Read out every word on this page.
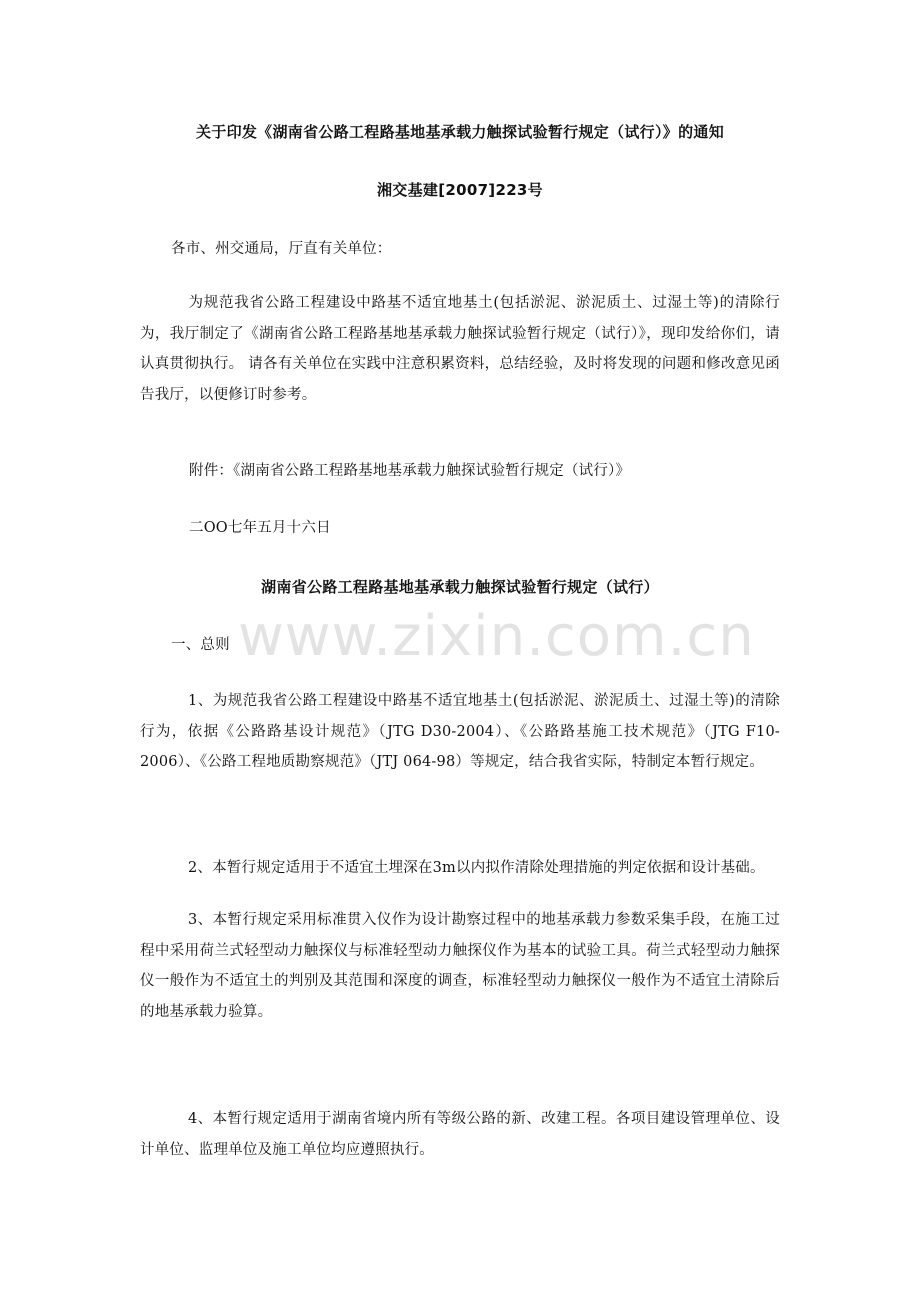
关于印发《湖南省公路工程路基地基承载力触探试验暂行规定（试行）》的通知
湘交基建[2007]223号
各市、州交通局，厅直有关单位：
为规范我省公路工程建设中路基不适宜地基土(包括淤泥、淤泥质土、过湿土等)的清除行为，我厅制定了《湖南省公路工程路基地基承载力触探试验暂行规定（试行）》，现印发给你们，请认真贯彻执行。 请各有关单位在实践中注意积累资料，总结经验，及时将发现的问题和修改意见函告我厅，以便修订时参考。
附件：《湖南省公路工程路基地基承载力触探试验暂行规定（试行）》
二OO七年五月十六日
湖南省公路工程路基地基承载力触探试验暂行规定（试行）
一、总则
1、为规范我省公路工程建设中路基不适宜地基土(包括淤泥、淤泥质土、过湿土等)的清除行为，依据《公路路基设计规范》（JTG D30-2004）、《公路路基施工技术规范》（JTG F10-2006）、《公路工程地质勘察规范》（JTJ 064-98）等规定，结合我省实际，特制定本暂行规定。
2、本暂行规定适用于不适宜土埋深在3m以内拟作清除处理措施的判定依据和设计基础。
3、本暂行规定采用标准贯入仪作为设计勘察过程中的地基承载力参数采集手段，在施工过程中采用荷兰式轻型动力触探仪与标准轻型动力触探仪作为基本的试验工具。荷兰式轻型动力触探仪一般作为不适宜土的判别及其范围和深度的调查，标准轻型动力触探仪一般作为不适宜土清除后的地基承载力验算。
4、本暂行规定适用于湖南省境内所有等级公路的新、改建工程。各项目建设管理单位、设计单位、监理单位及施工单位均应遵照执行。
www.zixin.com.cn
